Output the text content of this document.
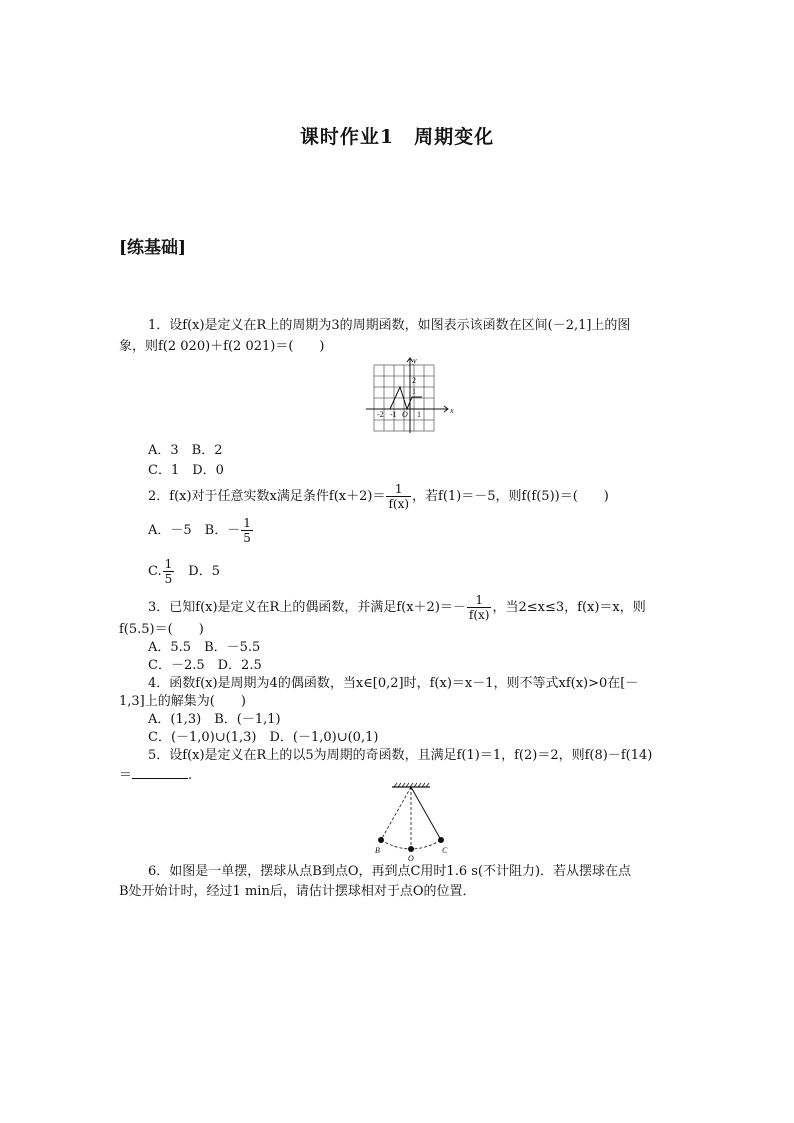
课时作业1　周期变化
[练基础]
1．设f(x)是定义在R上的周期为3的周期函数，如图表示该函数在区间(－2,1]上的图
象，则f(2 020)＋f(2 021)＝(　　)
y
x
2
1
-2 -1 O 1
A．3　B．2
C．1　D．0
2．f(x)对于任意实数x满足条件$f(x+2)= \frac{1}{f(x)}$ ，若f(1)＝－5，则f(f(5))＝(　　)
A．－5　B．－ $\frac{1}{5}$
C. $\frac{1}{5}$ 　D．5
3．已知f(x)是定义在R上的偶函数，并满足$f(x+2)=- \frac{1}{f(x)}$ ，当2≤x≤3，f(x)＝x，则
f(5.5)＝(　　)
A．5.5　B．－5.5
C．－2.5　D．2.5
4．函数f(x)是周期为4的偶函数，当x∈[0,2]时，f(x)＝x－1，则不等式xf(x)>0在[－
1,3]上的解集为(　　)
A．(1,3)　B．(－1,1)
C．(－1,0)∪(1,3)　D．(－1,0)∪(0,1)
5．设f(x)是定义在R上的以5为周期的奇函数，且满足f(1)＝1，f(2)＝2，则f(8)－f(14)
＝	.
B
O
C
6．如图是一单摆，摆球从点B到点O，再到点C用时1.6 s(不计阻力)．若从摆球在点
B处开始计时，经过1 min后，请估计摆球相对于点O的位置．
